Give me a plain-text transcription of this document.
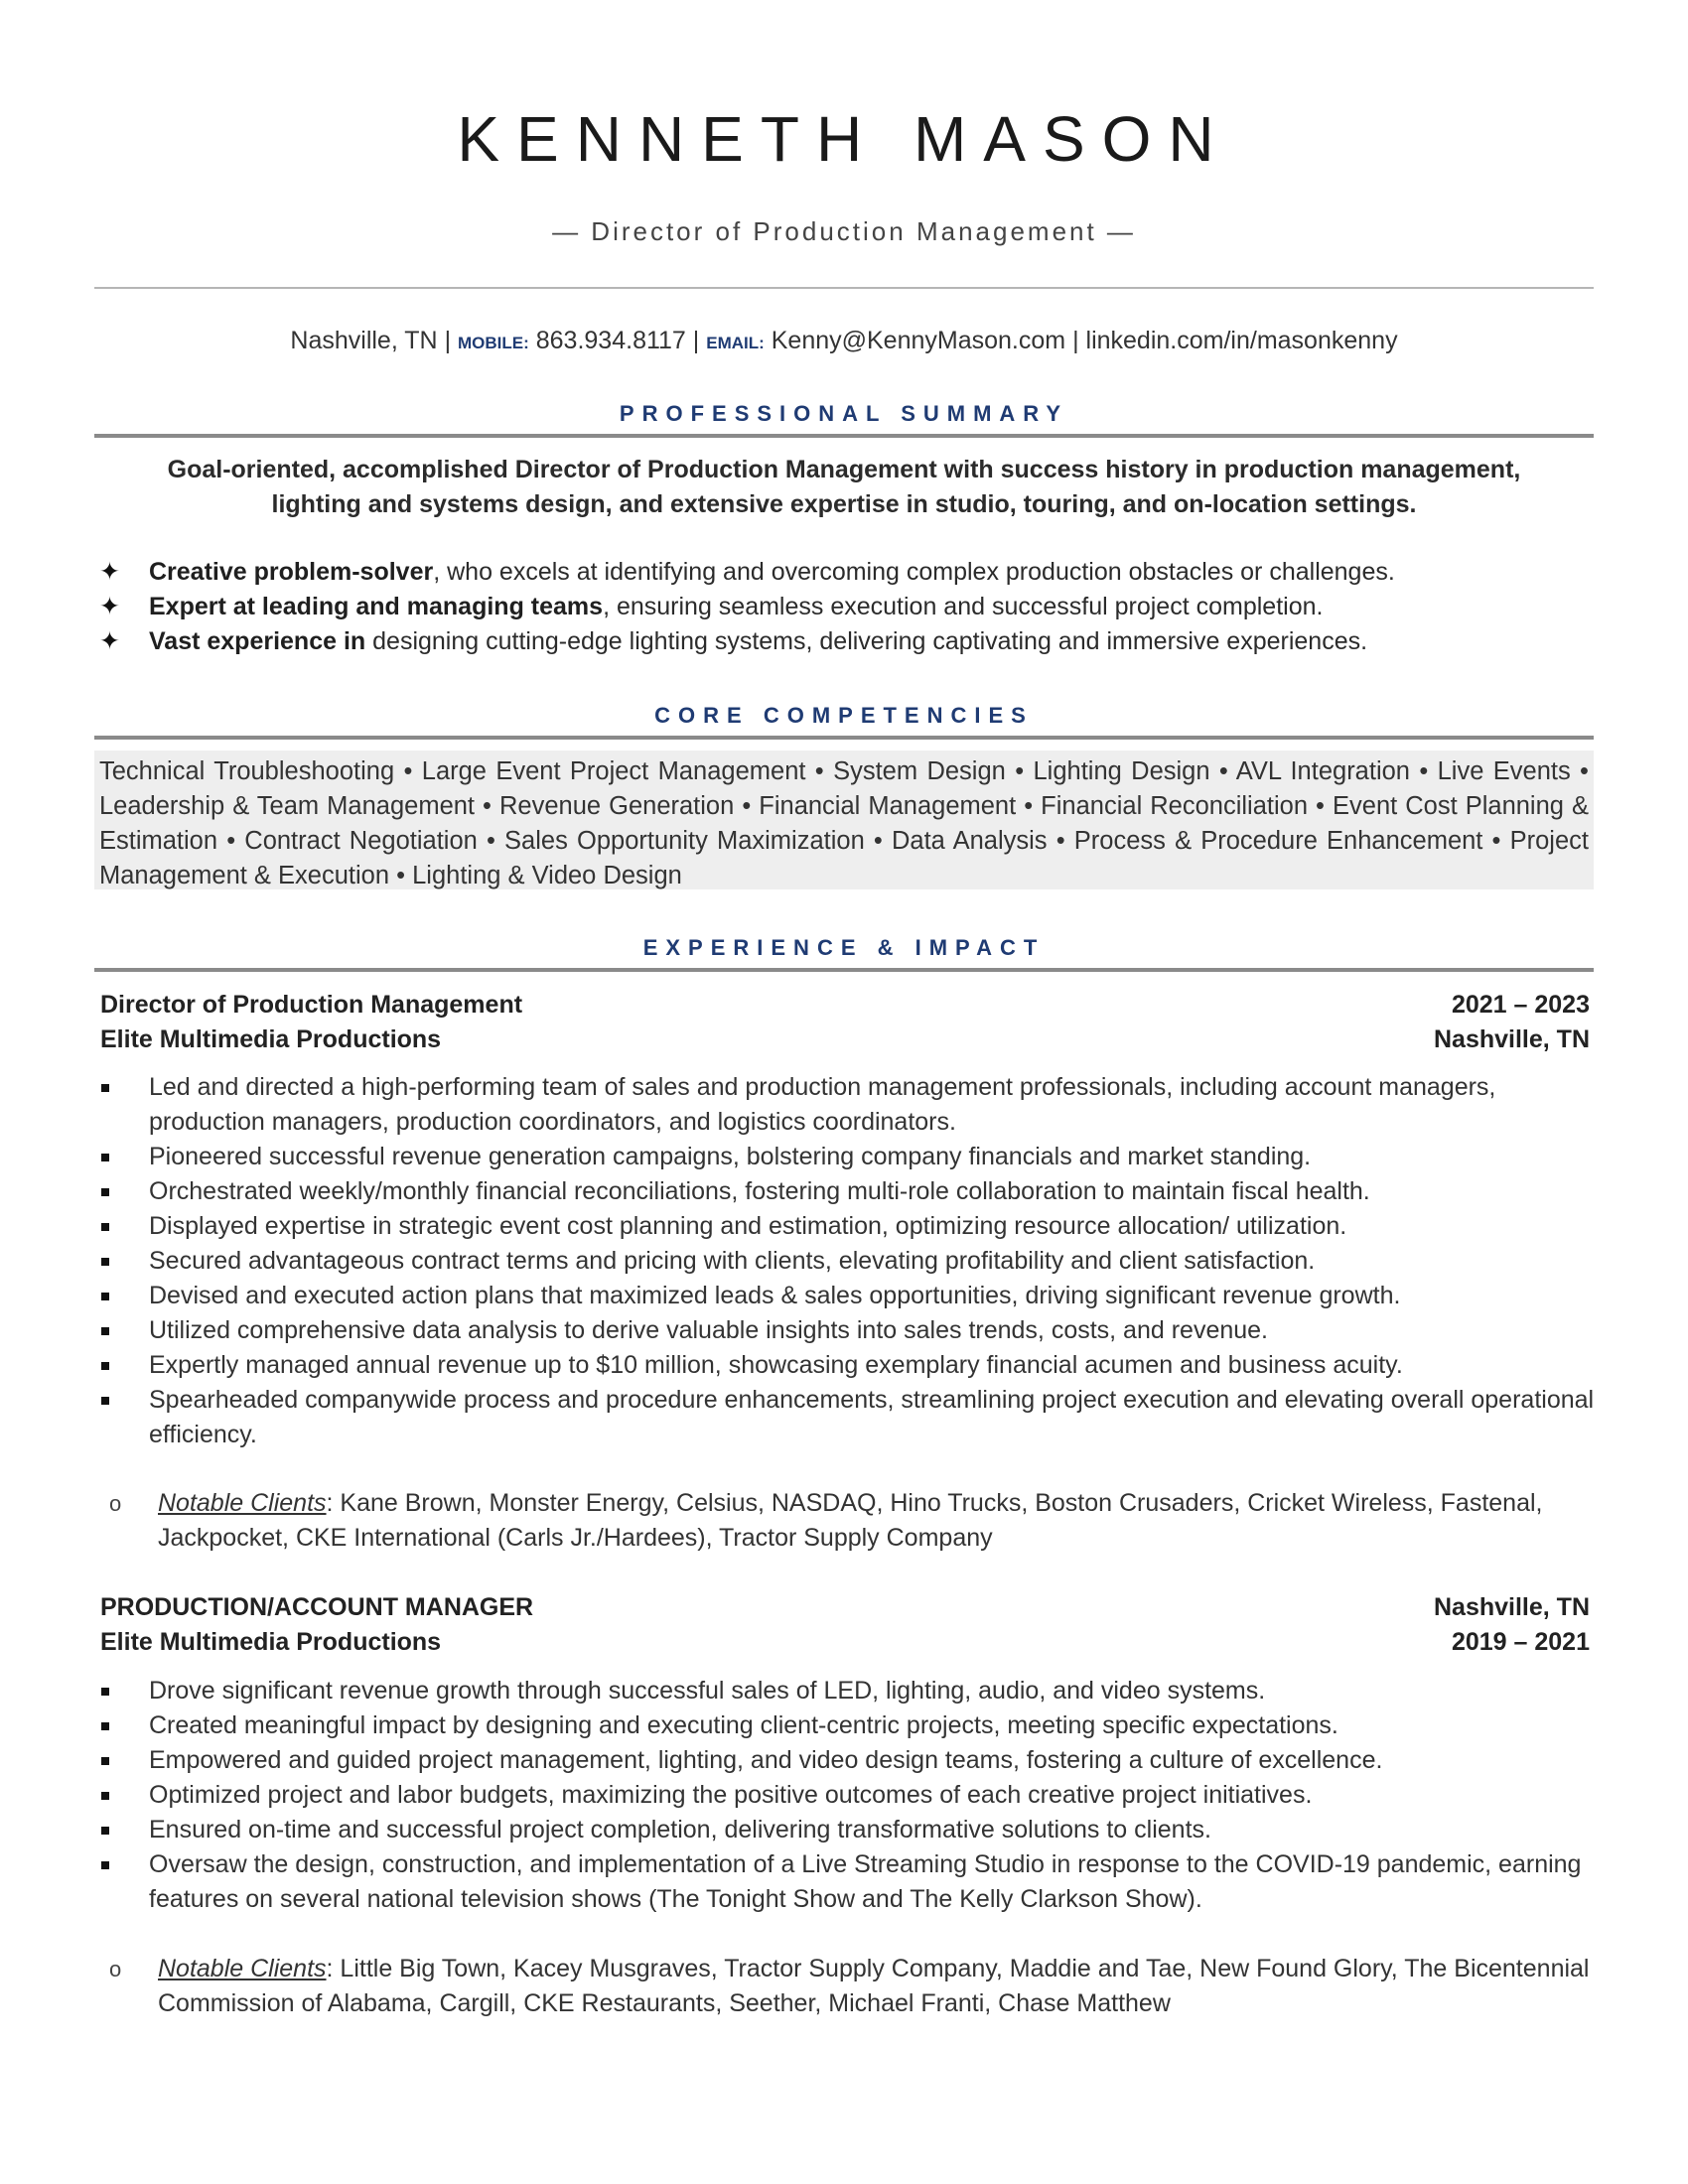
KENNETH MASON
— Director of Production Management —
Nashville, TN | MOBILE: 863.934.8117 | EMAIL: Kenny@KennyMason.com | linkedin.com/in/masonkenny
PROFESSIONAL SUMMARY
Goal-oriented, accomplished Director of Production Management with success history in production management,
lighting and systems design, and extensive expertise in studio, touring, and on-location settings.
✦ Creative problem-solver, who excels at identifying and overcoming complex production obstacles or challenges.
✦ Expert at leading and managing teams, ensuring seamless execution and successful project completion.
✦ Vast experience in designing cutting-edge lighting systems, delivering captivating and immersive experiences.
CORE COMPETENCIES
Technical Troubleshooting • Large Event Project Management • System Design • Lighting Design • AVL Integration • Live Events • Leadership & Team Management • Revenue Generation • Financial Management • Financial Reconciliation • Event Cost Planning & Estimation • Contract Negotiation • Sales Opportunity Maximization • Data Analysis • Process & Procedure Enhancement • Project Management & Execution • Lighting & Video Design
EXPERIENCE & IMPACT
Director of Production Management	2021 – 2023
Elite Multimedia Productions	Nashville, TN
Led and directed a high-performing team of sales and production management professionals, including account managers, production managers, production coordinators, and logistics coordinators.
Pioneered successful revenue generation campaigns, bolstering company financials and market standing.
Orchestrated weekly/monthly financial reconciliations, fostering multi-role collaboration to maintain fiscal health.
Displayed expertise in strategic event cost planning and estimation, optimizing resource allocation/ utilization.
Secured advantageous contract terms and pricing with clients, elevating profitability and client satisfaction.
Devised and executed action plans that maximized leads & sales opportunities, driving significant revenue growth.
Utilized comprehensive data analysis to derive valuable insights into sales trends, costs, and revenue.
Expertly managed annual revenue up to $10 million, showcasing exemplary financial acumen and business acuity.
Spearheaded companywide process and procedure enhancements, streamlining project execution and elevating overall operational efficiency.
o Notable Clients: Kane Brown, Monster Energy, Celsius, NASDAQ, Hino Trucks, Boston Crusaders, Cricket Wireless, Fastenal, Jackpocket, CKE International (Carls Jr./Hardees), Tractor Supply Company
PRODUCTION/ACCOUNT MANAGER	Nashville, TN
Elite Multimedia Productions	2019 – 2021
Drove significant revenue growth through successful sales of LED, lighting, audio, and video systems.
Created meaningful impact by designing and executing client-centric projects, meeting specific expectations.
Empowered and guided project management, lighting, and video design teams, fostering a culture of excellence.
Optimized project and labor budgets, maximizing the positive outcomes of each creative project initiatives.
Ensured on-time and successful project completion, delivering transformative solutions to clients.
Oversaw the design, construction, and implementation of a Live Streaming Studio in response to the COVID-19 pandemic, earning features on several national television shows (The Tonight Show and The Kelly Clarkson Show).
o Notable Clients: Little Big Town, Kacey Musgraves, Tractor Supply Company, Maddie and Tae, New Found Glory, The Bicentennial Commission of Alabama, Cargill, CKE Restaurants, Seether, Michael Franti, Chase Matthew
